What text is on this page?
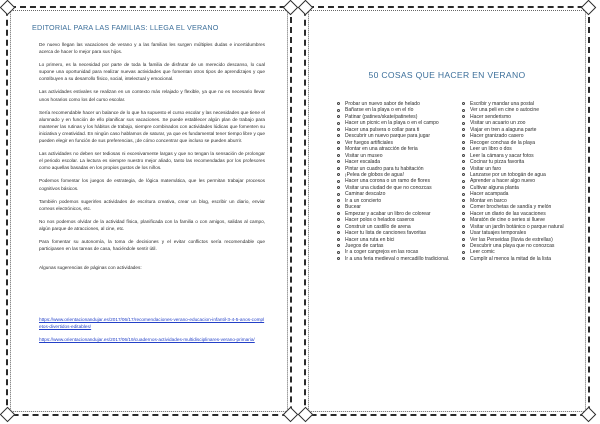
EDITORIAL PARA LAS FAMILIAS: LLEGA EL VERANO

De nuevo llegan las vacaciones de verano y a las familias les surgen múltiples dudas e incertidumbres acerca de hacer lo mejor para sus hijos.

Lo primero, es la necesidad por parte de toda la familia de disfrutar de un merecido descanso, lo cual supone una oportunidad para realizar nuevas actividades que fomentan otros tipos de aprendizajes y que contribuyen a su desarrollo físico, social, intelectual y emocional.

Las actividades estivales se realizan en un contexto más relajado y flexible, ya que no es necesario llevar unos horarios como los del curso escolar.

Sería recomendable hacer un balance de lo que ha supuesto el curso escolar y las necesidades que tiene el alumnado y en función de ello planificar sus vacaciones. Se puede establecer algún plan de trabajo para mantener las rutinas y los hábitos de trabajo, siempre combinados con actividades lúdicas que fomenten su iniciativa y creatividad. En ningún caso hablamos de saturar, ya que es fundamental tener tiempo libre y que pueden elegir en función de sus preferencias, ¡de cómo concentrar que incluso se pueden aburrir.

Las actividades no deben ser tediosas ni excesivamente largas y que no tengan la sensación de prolongar el periodo escolar. La lectura es siempre nuestro mejor aliado, tanto las recomendadas por los profesores como aquellas basadas en los propios gustos de los niños.

Podemos fomentar los juegos de estrategia, de lógica matemática, que les permitan trabajar procesos cognitivos básicos.

También podemos sugerirles actividades de escritura creativa, crear un blog, escribir un diario, enviar correos electrónicos, etc.

No nos podemos olvidar de la actividad física, planificada con la familia o con amigos, salidas al campo, algún parque de atracciones, al cine, etc.

Para fomentar su autonomía, la toma de decisiones y el evitar conflictos sería recomendable que participasen en las tareas de casa, haciéndole sentir útil.

Algunas sugerencias de páginas con actividades:

https://www.orientacionandujar.es/2017/06/17/recomendaciones-verano-educacion-infantil-3-4-5-anos-completos-divertidos-editables/
https://www.orientacionandujar.es/2017/06/19/cuadernos-actividades-multidisciplinares-verano-primaria/
50 COSAS QUE HACER EN VERANO
Probar un nuevo sabor de helado
Bañarse en la playa o en el río
Patinar (patines/skate/patinetes)
Hacer un picnic en la playa o en el campo
Hacer una pulsera o collar para ti
Descubrir un nuevo parque para jugar
Ver fuegos artificiales
Montar en una atracción de feria
Visitar un museo
Hacer escalada
Pintar un cuadro para tu habitación
¡Pelea de globos de agua!
Hacer una corona o un ramo de flores
Visitar una ciudad de que no conozcas
Caminar descalzo
Ir a un concierto
Bucear
Empezar y acabar un libro de colorear
Hacer polos o helados caseros
Construir un castillo de arena
Hacer tu lista de canciones favoritas
Hacer una ruta en bici
Juegos de cartas
Ir a coger cangrejos en las rocas
Ir a una feria medieval o mercadillo tradicional.
Escribir y mandar una postal
Ver una peli en cine o autocine
Hacer senderismo
Visitar un acuario un zoo
Viajar en tren a alaguna parte
Hacer granizado casero
Recoger conchas de la playa
Leer un libro o dos
Leer la cámara y sacar fotos
Cocinar tu pizza favorita
Visitar un faro
Lanzarse por un tobogán de agua
Aprender a hacer algo nuevo
Cultivar alguna planta
Hacer acampada
Montar en barco
Comer brochetas de sandía y melón
Hacer un diario de las vacaciones
Maratón de cine o series si llueve
Visitar un jardín botánico o parque natural
Usar tatuajes temporales
Ver las Perseidas (lluvia de estrellas)
Descubrir una playa que no conozcas
Leer comic
Cumplir al menos la mitad de la lista
